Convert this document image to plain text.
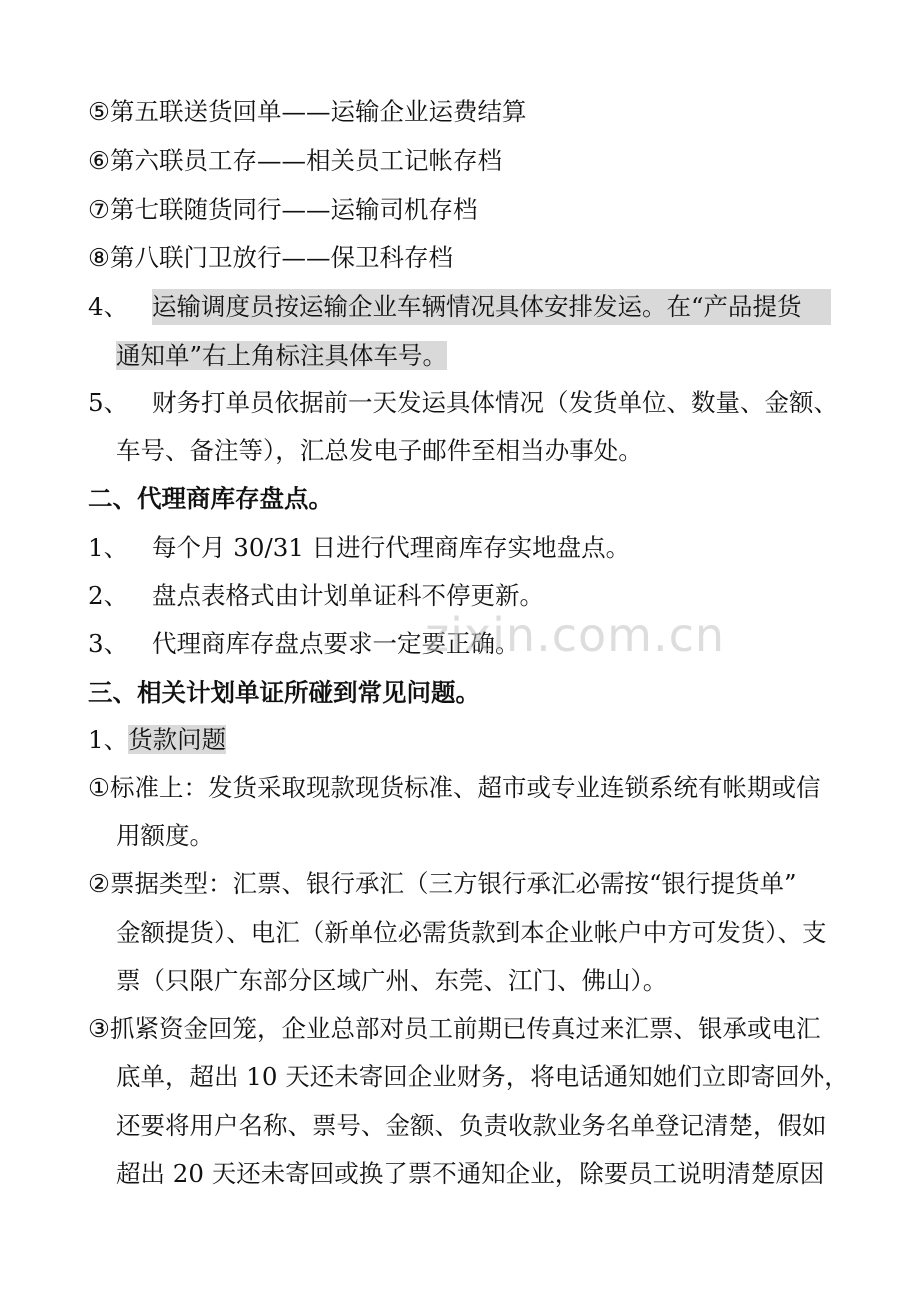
⑤第五联送货回单——运输企业运费结算
⑥第六联员工存——相关员工记帐存档
⑦第七联随货同行——运输司机存档
⑧第八联门卫放行——保卫科存档
4、 运输调度员按运输企业车辆情况具体安排发运。在“产品提货
通知单”右上角标注具体车号。
5、 财务打单员依据前一天发运具体情况（发货单位、数量、金额、
车号、备注等），汇总发电子邮件至相当办事处。
二、代理商库存盘点。
1、 每个月 30/31 日进行代理商库存实地盘点。
2、 盘点表格式由计划单证科不停更新。
3、 代理商库存盘点要求一定要正确。
三、相关计划单证所碰到常见问题。
1、货款问题
①标准上：发货采取现款现货标准、超市或专业连锁系统有帐期或信
用额度。
②票据类型：汇票、银行承汇（三方银行承汇必需按“银行提货单”
金额提货）、电汇（新单位必需货款到本企业帐户中方可发货）、支
票（只限广东部分区域广州、东莞、江门、佛山）。
③抓紧资金回笼，企业总部对员工前期已传真过来汇票、银承或电汇
底单，超出 10 天还未寄回企业财务，将电话通知她们立即寄回外，
还要将用户名称、票号、金额、负责收款业务名单登记清楚，假如
超出 20 天还未寄回或换了票不通知企业，除要员工说明清楚原因
zixin.com.cn
